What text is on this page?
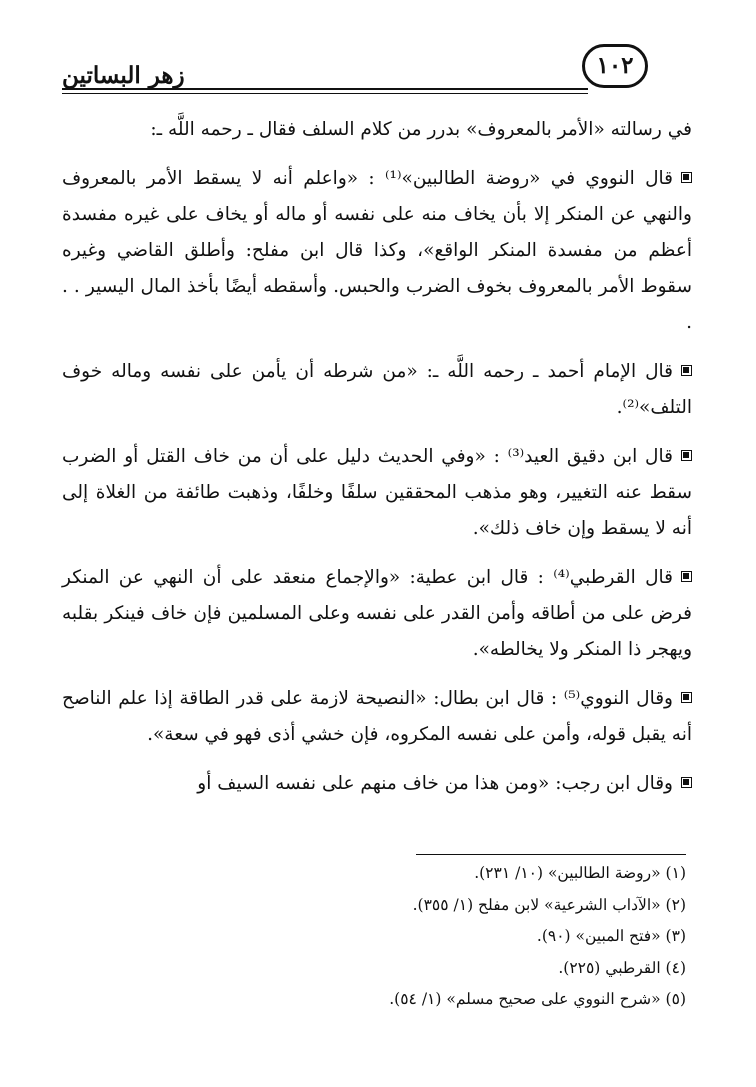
١٠٢
زهر البساتين

في رسالته «الأمر بالمعروف» بدرر من كلام السلف فقال ـ رحمه اللَّه ـ:

قال النووي في «روضة الطالبين»⁽¹⁾ : «واعلم أنه لا يسقط الأمر بالمعروف والنهي عن المنكر إلا بأن يخاف منه على نفسه أو ماله أو يخاف على غيره مفسدة أعظم من مفسدة المنكر الواقع»، وكذا قال ابن مفلح: وأطلق القاضي وغيره سقوط الأمر بالمعروف بخوف الضرب والحبس. وأسقطه أيضًا بأخذ المال اليسير . . .

قال الإمام أحمد ـ رحمه اللَّه ـ: «من شرطه أن يأمن على نفسه وماله خوف التلف»⁽²⁾.

قال ابن دقيق العيد⁽³⁾ : «وفي الحديث دليل على أن من خاف القتل أو الضرب سقط عنه التغيير، وهو مذهب المحققين سلفًا وخلفًا، وذهبت طائفة من الغلاة إلى أنه لا يسقط وإن خاف ذلك».

قال القرطبي⁽⁴⁾ : قال ابن عطية: «والإجماع منعقد على أن النهي عن المنكر فرض على من أطاقه وأمن القدر على نفسه وعلى المسلمين فإن خاف فينكر بقلبه ويهجر ذا المنكر ولا يخالطه».

وقال النووي⁽⁵⁾ : قال ابن بطال: «النصيحة لازمة على قدر الطاقة إذا علم الناصح أنه يقبل قوله، وأمن على نفسه المكروه، فإن خشي أذى فهو في سعة».

وقال ابن رجب: «ومن هذا من خاف منهم على نفسه السيف أو

(١) «روضة الطالبين» (١٠/ ٢٣١).
(٢) «الآداب الشرعية» لابن مفلح (١/ ٣٥٥).
(٣) «فتح المبين» (٩٠).
(٤) القرطبي (٢٢٥).
(٥) «شرح النووي على صحيح مسلم» (١/ ٥٤).
